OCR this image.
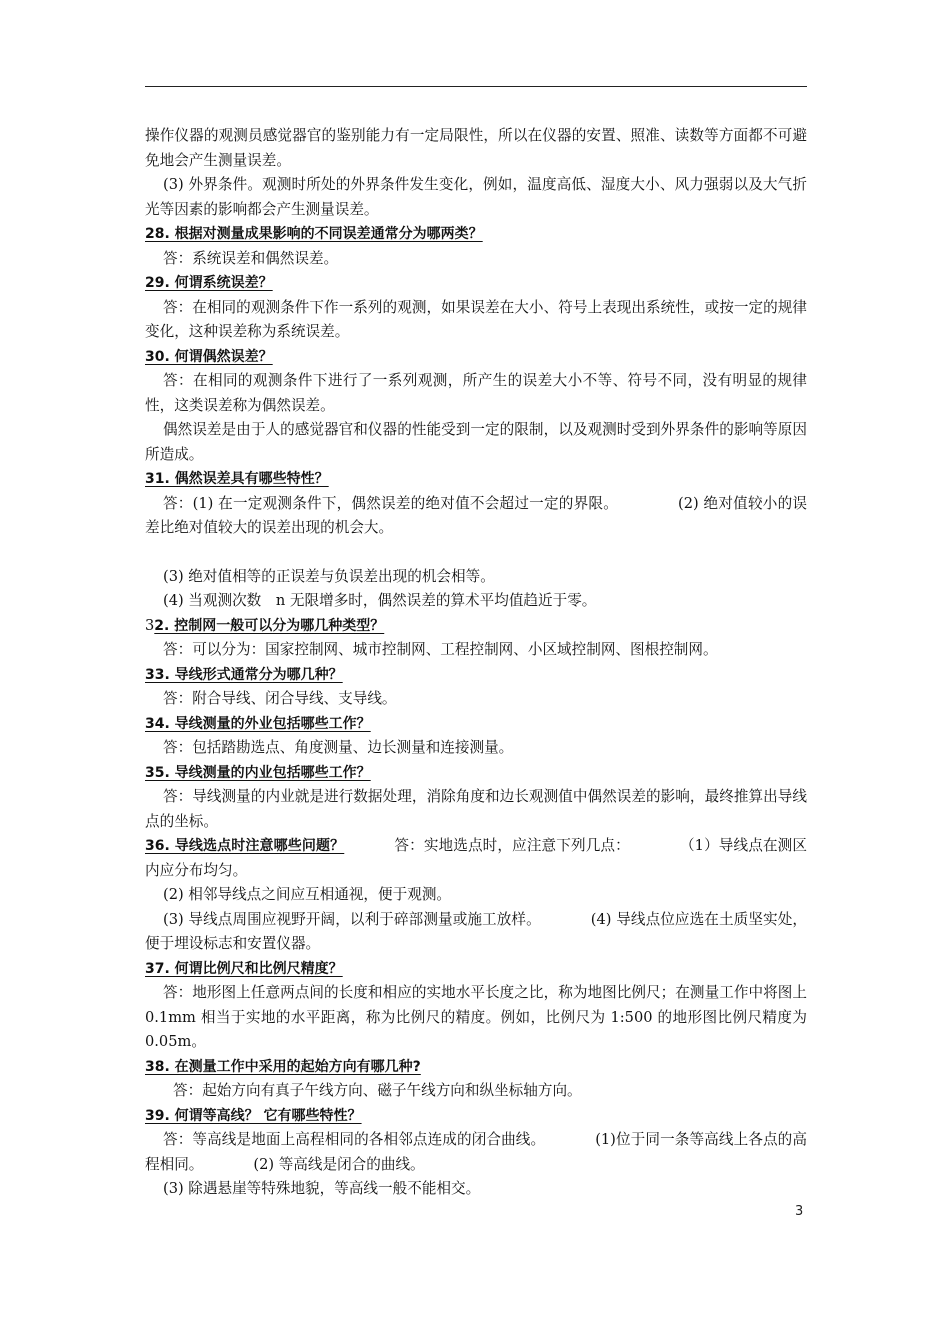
操作仪器的观测员感觉器官的鉴别能力有一定局限性，所以在仪器的安置、照准、读数等方面都不可避免地会产生测量误差。

(3) 外界条件。观测时所处的外界条件发生变化，例如，温度高低、湿度大小、风力强弱以及大气折光等因素的影响都会产生测量误差。

28. 根据对测量成果影响的不同误差通常分为哪两类？

答：系统误差和偶然误差。

29. 何谓系统误差？

答：在相同的观测条件下作一系列的观测，如果误差在大小、符号上表现出系统性，或按一定的规律变化，这种误差称为系统误差。

30. 何谓偶然误差？

答：在相同的观测条件下进行了一系列观测，所产生的误差大小不等、符号不同，没有明显的规律性，这类误差称为偶然误差。

偶然误差是由于人的感觉器官和仪器的性能受到一定的限制，以及观测时受到外界条件的影响等原因所造成。

31. 偶然误差具有哪些特性？

答：(1) 在一定观测条件下，偶然误差的绝对值不会超过一定的界限。	(2) 绝对值较小的误差比绝对值较大的误差出现的机会大。

(3) 绝对值相等的正误差与负误差出现的机会相等。

(4) 当观测次数　n 无限增多时，偶然误差的算术平均值趋近于零。

32. 控制网一般可以分为哪几种类型？

答：可以分为：国家控制网、城市控制网、工程控制网、小区域控制网、图根控制网。

33. 导线形式通常分为哪几种？

答：附合导线、闭合导线、支导线。

34. 导线测量的外业包括哪些工作？

答：包括踏勘选点、角度测量、边长测量和连接测量。

35. 导线测量的内业包括哪些工作？

答：导线测量的内业就是进行数据处理，消除角度和边长观测值中偶然误差的影响，最终推算出导线点的坐标。

36. 导线选点时注意哪些问题？	答：实地选点时，应注意下列几点：	（1）导线点在测区内应分布均匀。

(2) 相邻导线点之间应互相通视，便于观测。

(3) 导线点周围应视野开阔，以利于碎部测量或施工放样。	(4) 导线点位应选在土质坚实处，便于埋设标志和安置仪器。

37. 何谓比例尺和比例尺精度？

答：地形图上任意两点间的长度和相应的实地水平长度之比，称为地图比例尺；在测量工作中将图上 0.1mm 相当于实地的水平距离，称为比例尺的精度。例如，比例尺为 1:500 的地形图比例尺精度为 0.05m。

38. 在测量工作中采用的起始方向有哪几种?

答：起始方向有真子午线方向、磁子午线方向和纵坐标轴方向。

39. 何谓等高线？ 它有哪些特性？

答：等高线是地面上高程相同的各相邻点连成的闭合曲线。	(1)位于同一条等高线上各点的高程相同。	(2) 等高线是闭合的曲线。

(3) 除遇悬崖等特殊地貌，等高线一般不能相交。

3
